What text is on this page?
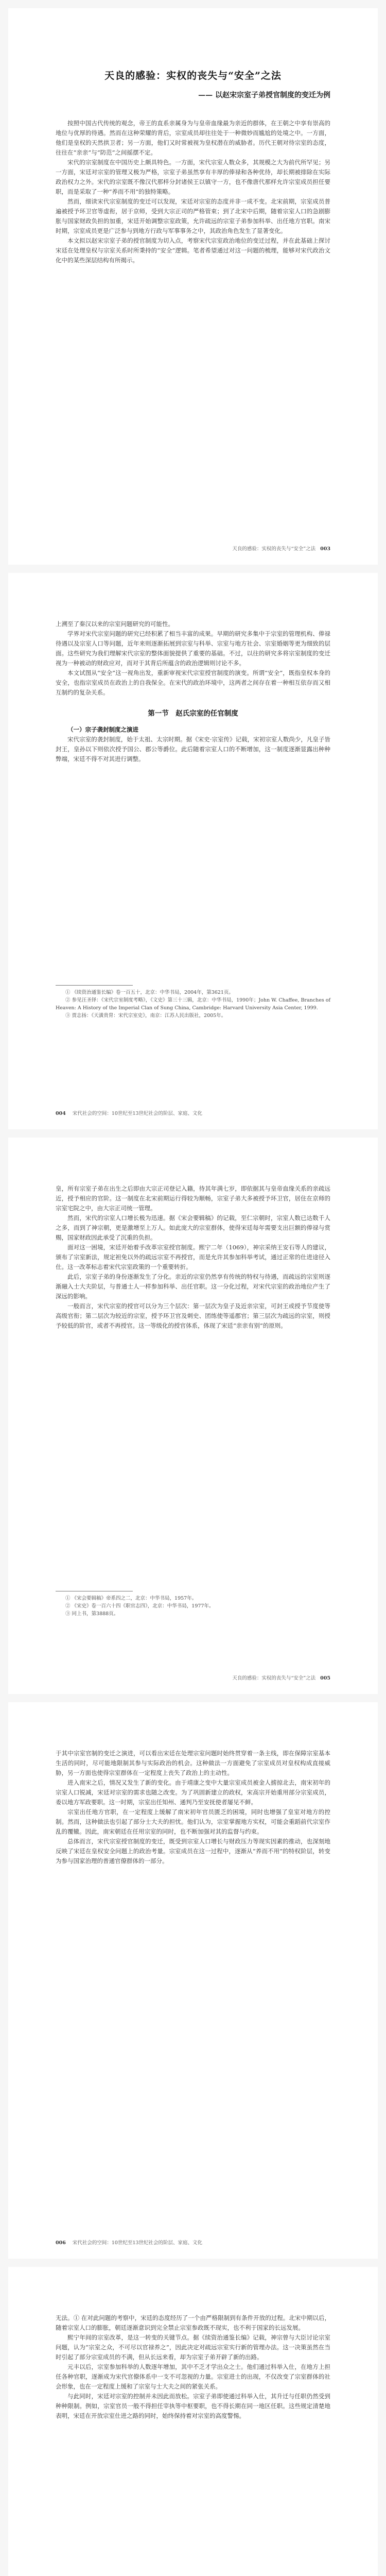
天良的感验：实权的丧失与“安全”之法
—— 以赵宋宗室子弟授官制度的变迁为例

按照中国古代传统的观念，帝王的直系亲属身为与皇帝血缘最为亲近的群体，在王朝之中享有崇高的地位与优厚的待遇。然而在这种荣耀的背后，宗室成员却往往处于一种微妙而尴尬的处境之中。一方面，他们是皇权的天然拱卫者；另一方面，他们又时常被视为皇权潜在的威胁者。历代王朝对待宗室的态度，往往在“亲亲”与“防范”之间摇摆不定。

宋代的宗室制度在中国历史上颇具特色。一方面，宋代宗室人数众多，其规模之大为前代所罕见；另一方面，宋廷对宗室的管理又极为严格，宗室子弟虽然享有丰厚的俸禄和各种优待，却长期被排除在实际政治权力之外。宋代的宗室既不像汉代那样分封诸侯王以镇守一方，也不像唐代那样允许宗室成员担任要职，而是采取了一种“养而不用”的独特策略。

然而，细读宋代宗室制度的变迁可以发现，宋廷对宗室的态度并非一成不变。北宋前期，宗室成员普遍被授予环卫官等虚衔，居于京师，受到大宗正司的严格管束；到了北宋中后期，随着宗室人口的急剧膨胀与国家财政负担的加重，宋廷开始调整宗室政策，允许疏远的宗室子弟参加科举、出任地方官职。南宋时期，宗室成员更是广泛参与到地方行政与军事事务之中，其政治角色发生了显著变化。

本文拟以赵宋宗室子弟的授官制度为切入点，考察宋代宗室政治地位的变迁过程，并在此基础上探讨宋廷在处理皇权与宗室关系时所秉持的“安全”逻辑。笔者希望通过对这一问题的梳理，能够对宋代政治文化中的某些深层结构有所揭示。

天良的感验：实权的丧失与“安全”之法 003

上溯至了秦汉以来的宗室问题研究的可能性。

学界对宋代宗室问题的研究已经积累了相当丰富的成果。早期的研究多集中于宗室的管理机构、俸禄待遇以及宗室人口等问题，近年来则逐渐拓展到宗室与科举、宗室与地方社会、宗室婚姻等更为细致的层面。这些研究为我们理解宋代宗室的整体面貌提供了重要的基础。不过，以往的研究多将宗室制度的变迁视为一种被动的财政应对，而对于其背后所蕴含的政治逻辑则讨论不多。

本文试图从“安全”这一视角出发，重新审视宋代宗室授官制度的演变。所谓“安全”，既指皇权本身的安全，也指宗室成员在政治上的自我保全。在宋代的政治环境中，这两者之间存在着一种相互依存而又相互制约的复杂关系。

第一节　赵氏宗室的任官制度

（一）宗子袭封制度之演进

宋代宗室的袭封制度，始于太祖、太宗时期。据《宋史·宗室传》记载，宋初宗室人数尚少，凡皇子皆封王，皇孙以下则依次授予国公、郡公等爵位。此后随着宗室人口的不断增加，这一制度逐渐显露出种种弊端，宋廷不得不对其进行调整。

① 《续资治通鉴长编》卷一百五十，北京：中华书局，2004年，第3621页。

② 参见汪圣铎：《宋代宗室制度考略》，《文史》第三十三辑，北京：中华书局，1990年；John W. Chaffee, Branches of Heaven: A History of the Imperial Clan of Sung China, Cambridge: Harvard University Asia Center, 1999.

③ 贾志扬：《天潢贵胄：宋代宗室史》，南京：江苏人民出版社，2005年。

004 宋代社会的空间：10世纪至13世纪社会的阶层、家庭、文化

皇，所有宗室子弟在出生之后即由大宗正司登记入籍，待其年满七岁，即依据其与皇帝血缘关系的亲疏远近，授予相应的官阶。这一制度在北宋前期运行得较为顺畅，宗室子弟大多被授予环卫官，居住在京师的宗室宅院之中，由大宗正司统一管理。

然而，宋代的宗室人口增长极为迅速。据《宋会要辑稿》的记载，至仁宗朝时，宗室人数已达数千人之多，而到了神宗朝，更是激增至上万人。如此庞大的宗室群体，使得宋廷每年需要支出巨额的俸禄与赏赐，国家财政因此承受了沉重的负担。

面对这一困境，宋廷开始着手改革宗室授官制度。熙宁二年（1069），神宗采纳王安石等人的建议，颁布了宗室新法，规定袒免以外的疏远宗室不再授官，而是允许其参加科举考试，通过正常的仕进途径入仕。这一改革标志着宋代宗室政策的一个重要转折。

此后，宗室子弟的身份逐渐发生了分化。亲近的宗室仍然享有传统的特权与待遇，而疏远的宗室则逐渐融入士大夫阶层，与普通士人一样参加科举、出任官职。这一分化过程，对宋代宗室的政治地位产生了深远的影响。

一般而言，宋代宗室的授官可以分为三个层次：第一层次为皇子及近亲宗室，可封王或授予节度使等高级官衔；第二层次为较近的宗室，授予环卫官及刺史、团练使等遥郡官；第三层次为疏远的宗室，则授予较低的阶官，或者不再授官。这一等级化的授官体系，体现了宋廷“亲亲有别”的原则。

① 《宋会要辑稿》帝系四之二，北京：中华书局，1957年。

② 《宋史》卷一百六十四《职官志四》，北京：中华书局，1977年。

③ 同上书，第3888页。

天良的感验：实权的丧失与“安全”之法 005

于其中宗室官制的变迁之演进，可以看出宋廷在处理宗室问题时始终贯穿着一条主线，即在保障宗室基本生活的同时，尽可能地限制其参与实际政治的机会。这种做法一方面避免了宗室成员对皇权构成直接威胁，另一方面也使得宗室群体在一定程度上丧失了政治上的主动性。

进入南宋之后，情况又发生了新的变化。由于靖康之变中大量宗室成员被金人掳掠北去，南宋初年的宗室人口锐减，宋廷对宗室的需求也随之改变。为了巩固新建立的政权，宋高宗开始重用部分宗室成员，委以地方军政要职。这一时期，宗室出任知州、通判乃至安抚使者屡见不鲜。

宗室出任地方官职，在一定程度上缓解了南宋初年官员匮乏的困境，同时也增强了皇室对地方的控制。然而，这种做法也引起了部分士大夫的担忧。他们认为，宗室掌握地方实权，可能会重蹈前代宗室作乱的覆辙。因此，南宋朝廷在任用宗室的同时，也不断加强对其的监督与约束。

总体而言，宋代宗室授官制度的变迁，既受到宗室人口增长与财政压力等现实因素的推动，也深刻地反映了宋廷在皇权安全问题上的政治考量。宗室成员在这一过程中，逐渐从“养而不用”的特权阶层，转变为参与国家治理的普通官僚群体的一部分。

006 宋代社会的空间：10世纪至13世纪社会的阶层、家庭、文化

无法。① 在对此问题的考察中，宋廷的态度经历了一个由严格限制到有条件开放的过程。北宋中期以后，随着宗室人口的膨胀，朝廷逐渐意识到完全禁止宗室参政既不现实，也不利于国家的长远发展。

熙宁年间的宗室改革，是这一转变的关键节点。据《续资治通鉴长编》记载，神宗曾与大臣讨论宗室问题，认为“宗室之众，不可尽以官禄养之”，因此决定对疏远宗室实行新的管理办法。这一决策虽然在当时引起了部分宗室成员的不满，但从长远来看，却为宗室子弟开辟了新的出路。

元丰以后，宗室参加科举的人数逐年增加，其中不乏才学出众之士。他们通过科举入仕，在地方上担任各种官职，逐渐成为宋代官僚体系中一支不可忽视的力量。宗室进士的出现，不仅改变了宗室群体的社会形象，也在一定程度上缓和了宗室与士大夫之间的紧张关系。

与此同时，宋廷对宗室的控制并未因此而放松。宗室子弟即使通过科举入仕，其升迁与任职仍然受到种种限制。例如，宗室官员一般不得担任宰执等中枢要职，也不得长期在同一地区任职。这些规定清楚地表明，宋廷在开放宗室仕进之路的同时，始终保持着对宗室的高度警惕。
